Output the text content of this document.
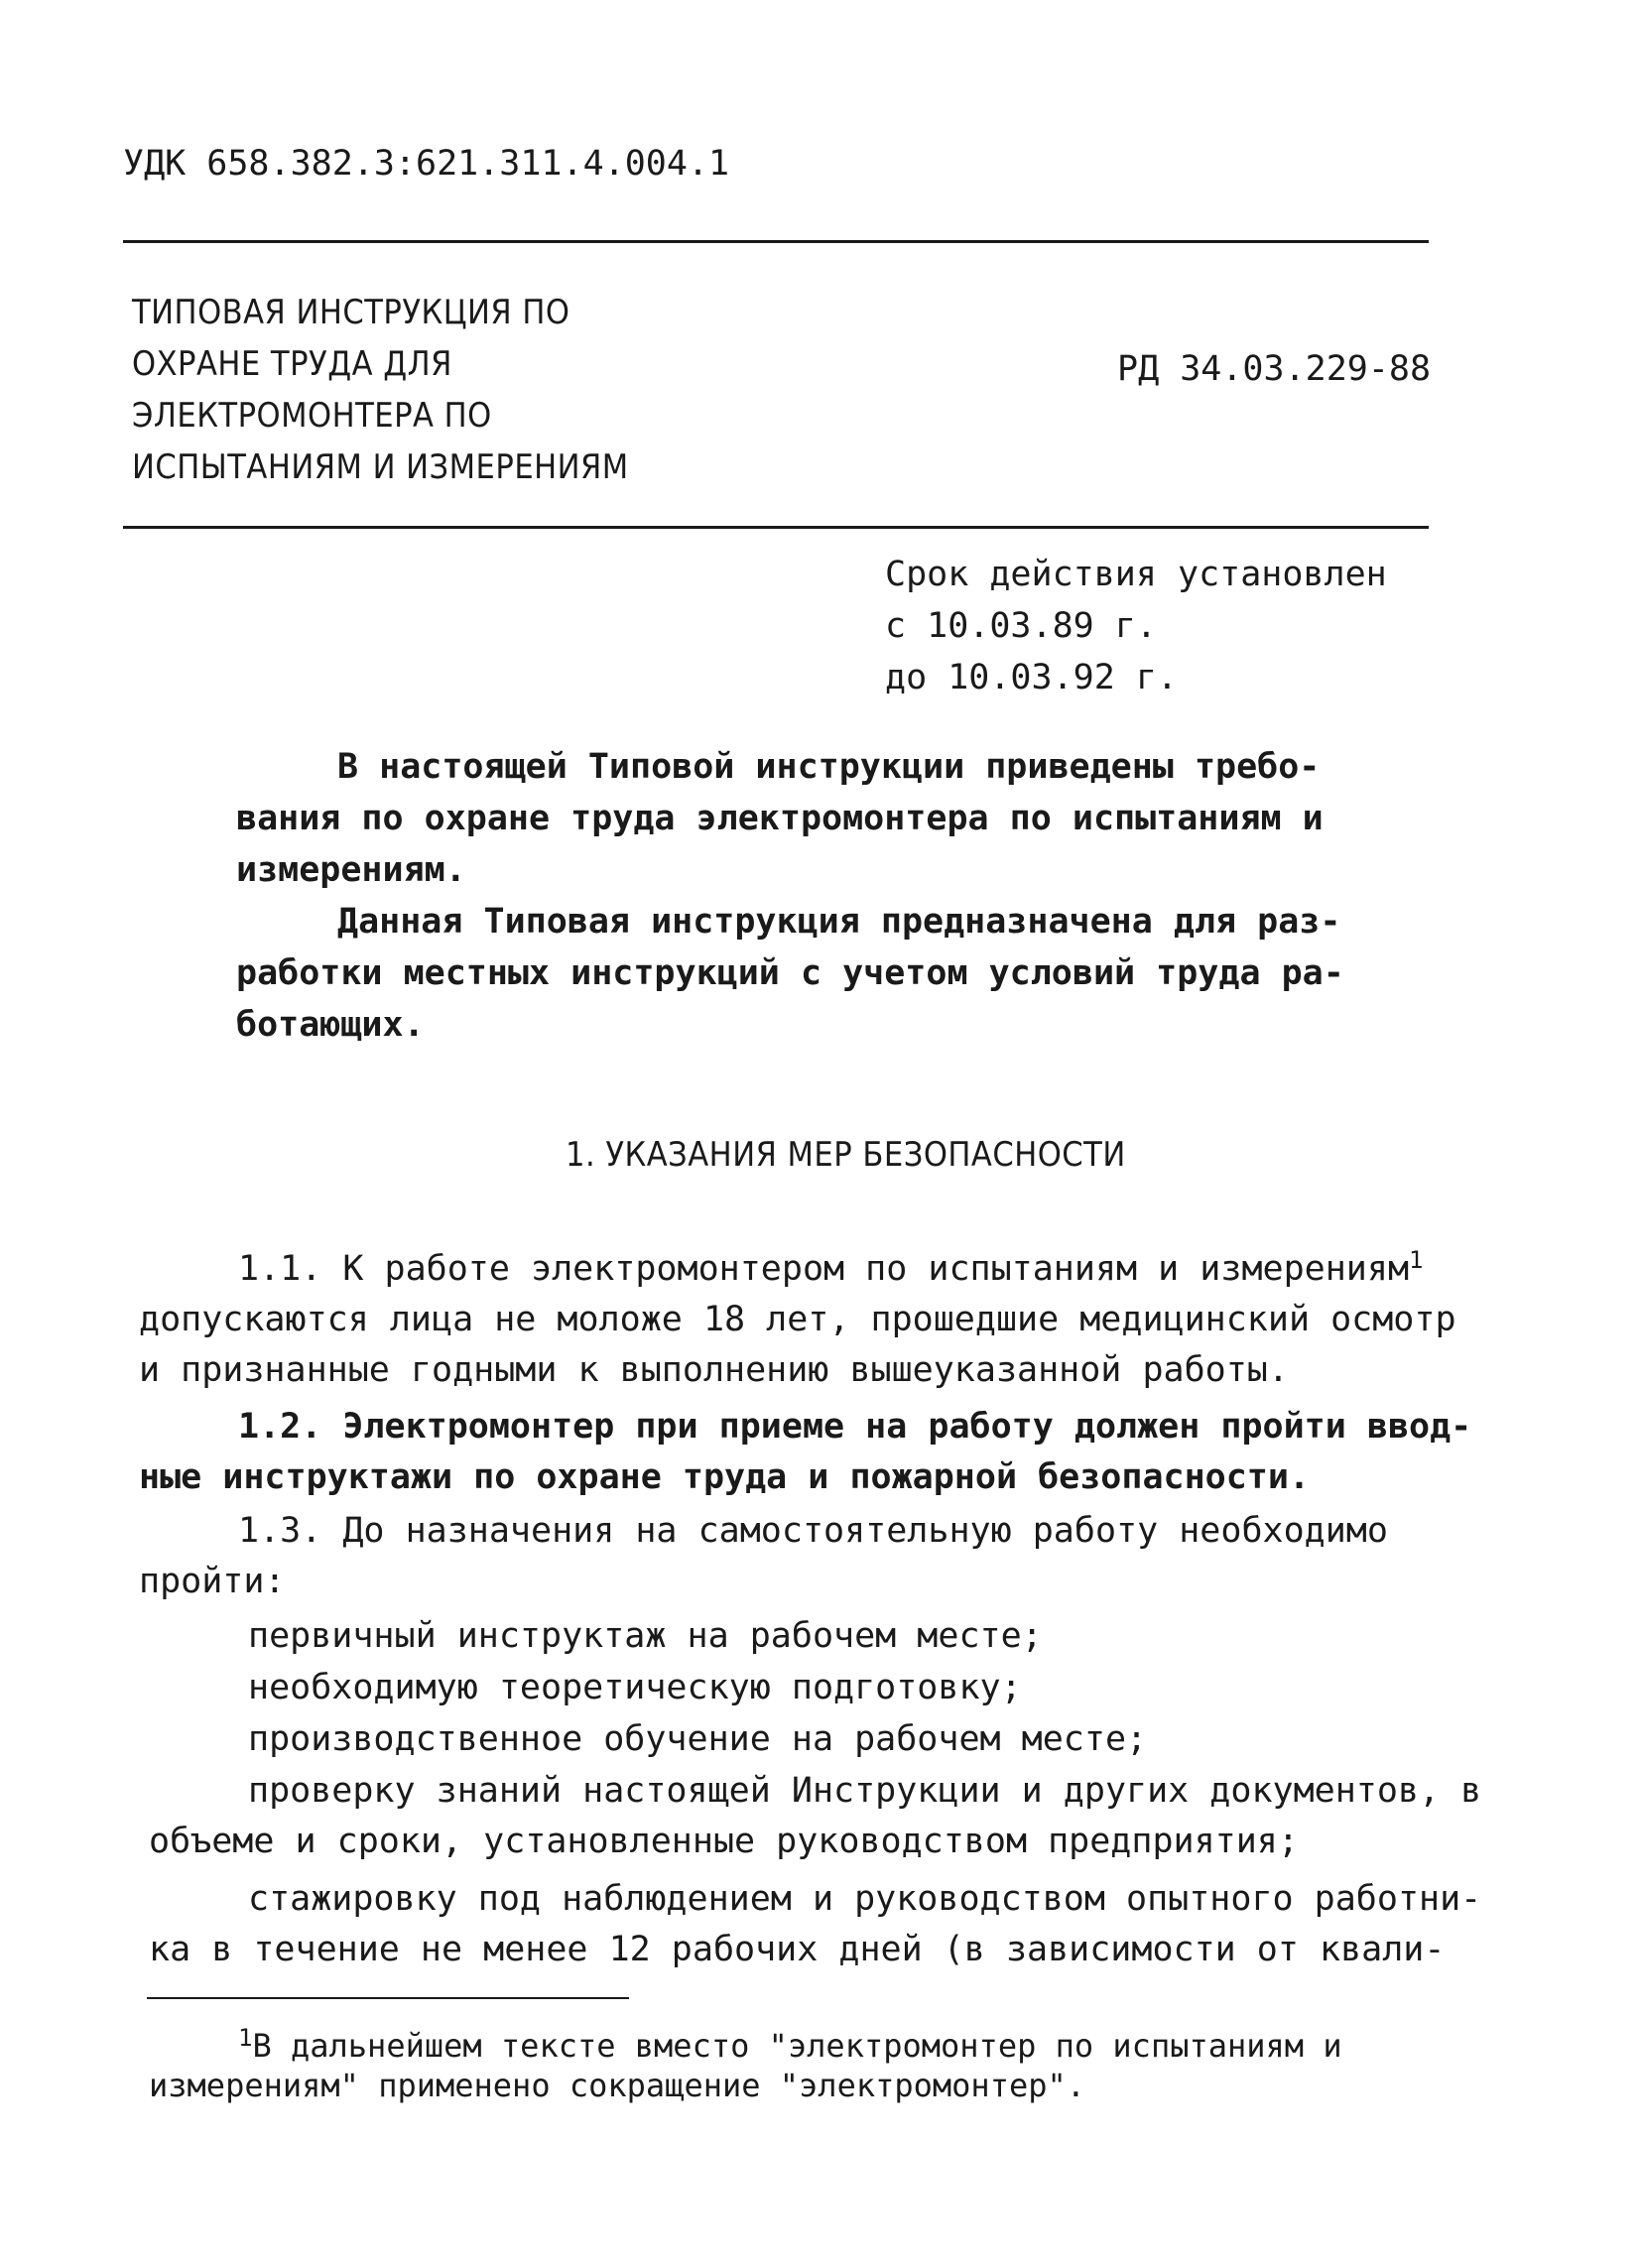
УДК 658.382.3:621.311.4.004.1
ТИПОВАЯ ИНСТРУКЦИЯ ПО
ОХРАНЕ ТРУДА ДЛЯ
ЭЛЕКТРОМОНТЕРА ПО
ИСПЫТАНИЯМ И ИЗМЕРЕНИЯМ
РД 34.03.229-88
Срок действия установлен
с 10.03.89 г.
до 10.03.92 г.
В настоящей Типовой инструкции приведены требо-
вания по охране труда электромонтера по испытаниям и
измерениям.
Данная Типовая инструкция предназначена для раз-
работки местных инструкций с учетом условий труда ра-
ботающих.
1. УКАЗАНИЯ МЕР БЕЗОПАСНОСТИ
1.1. К работе электромонтером по испытаниям и измерениям$^1$
допускаются лица не моложе 18 лет, прошедшие медицинский осмотр
и признанные годными к выполнению вышеуказанной работы.
1.2. Электромонтер при приеме на работу должен пройти ввод-
ные инструктажи по охране труда и пожарной безопасности.
1.3. До назначения на самостоятельную работу необходимо
пройти:
первичный инструктаж на рабочем месте;
необходимую теоретическую подготовку;
производственное обучение на рабочем месте;
проверку знаний настоящей Инструкции и других документов, в
объеме и сроки, установленные руководством предприятия;
стажировку под наблюдением и руководством опытного работни-
ка в течение не менее 12 рабочих дней (в зависимости от квали-
$^1$В дальнейшем тексте вместо "электромонтер по испытаниям и
измерениям" применено сокращение "электромонтер".
